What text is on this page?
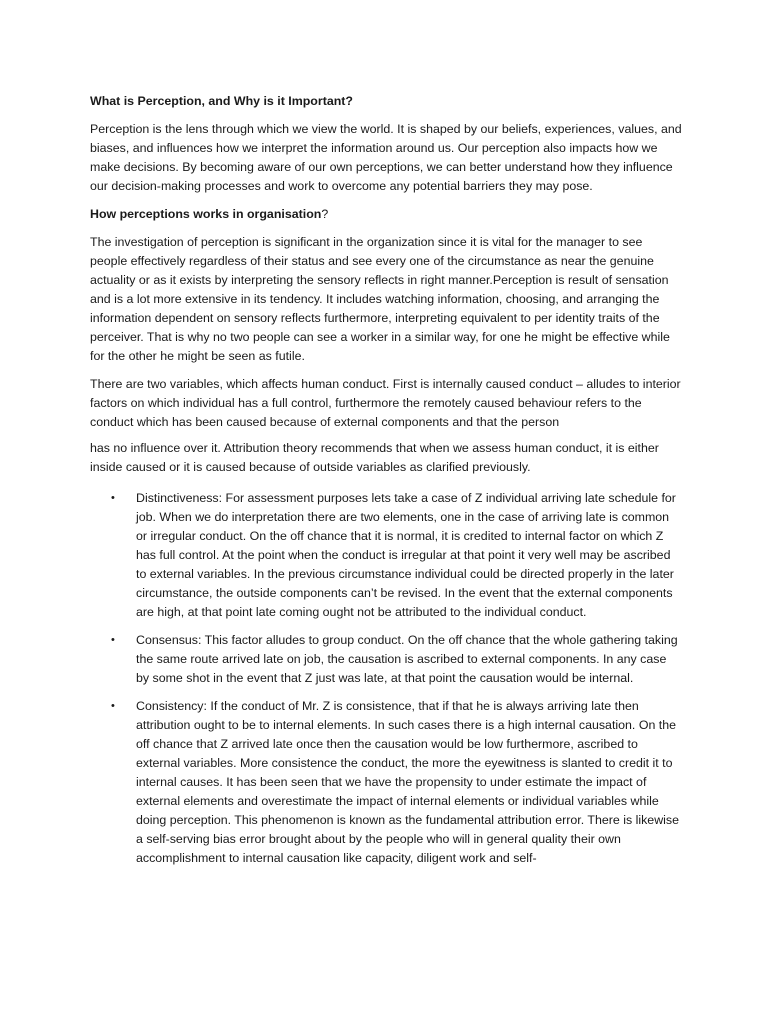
What is Perception, and Why is it Important?

Perception is the lens through which we view the world. It is shaped by our beliefs, experiences, values, and biases, and influences how we interpret the information around us. Our perception also impacts how we make decisions. By becoming aware of our own perceptions, we can better understand how they influence our decision-making processes and work to overcome any potential barriers they may pose.

How perceptions works in organisation?

The investigation of perception is significant in the organization since it is vital for the manager to see people effectively regardless of their status and see every one of the circumstance as near the genuine actuality or as it exists by interpreting the sensory reflects in right manner.Perception is result of sensation and is a lot more extensive in its tendency. It includes watching information, choosing, and arranging the information dependent on sensory reflects furthermore, interpreting equivalent to per identity traits of the perceiver. That is why no two people can see a worker in a similar way, for one he might be effective while for the other he might be seen as futile.

There are two variables, which affects human conduct. First is internally caused conduct – alludes to interior factors on which individual has a full control, furthermore the remotely caused behaviour refers to the conduct which has been caused because of external components and that the person

has no influence over it. Attribution theory recommends that when we assess human conduct, it is either inside caused or it is caused because of outside variables as clarified previously.

• Distinctiveness: For assessment purposes lets take a case of Z individual arriving late schedule for job. When we do interpretation there are two elements, one in the case of arriving late is common or irregular conduct. On the off chance that it is normal, it is credited to internal factor on which Z has full control. At the point when the conduct is irregular at that point it very well may be ascribed to external variables. In the previous circumstance individual could be directed properly in the later circumstance, the outside components can’t be revised. In the event that the external components are high, at that point late coming ought not be attributed to the individual conduct.
• Consensus: This factor alludes to group conduct. On the off chance that the whole gathering taking the same route arrived late on job, the causation is ascribed to external components. In any case by some shot in the event that Z just was late, at that point the causation would be internal.
• Consistency: If the conduct of Mr. Z is consistence, that if that he is always arriving late then attribution ought to be to internal elements. In such cases there is a high internal causation. On the off chance that Z arrived late once then the causation would be low furthermore, ascribed to external variables. More consistence the conduct, the more the eyewitness is slanted to credit it to internal causes. It has been seen that we have the propensity to under estimate the impact of external elements and overestimate the impact of internal elements or individual variables while doing perception. This phenomenon is known as the fundamental attribution error. There is likewise a self-serving bias error brought about by the people who will in general quality their own accomplishment to internal causation like capacity, diligent work and self-
